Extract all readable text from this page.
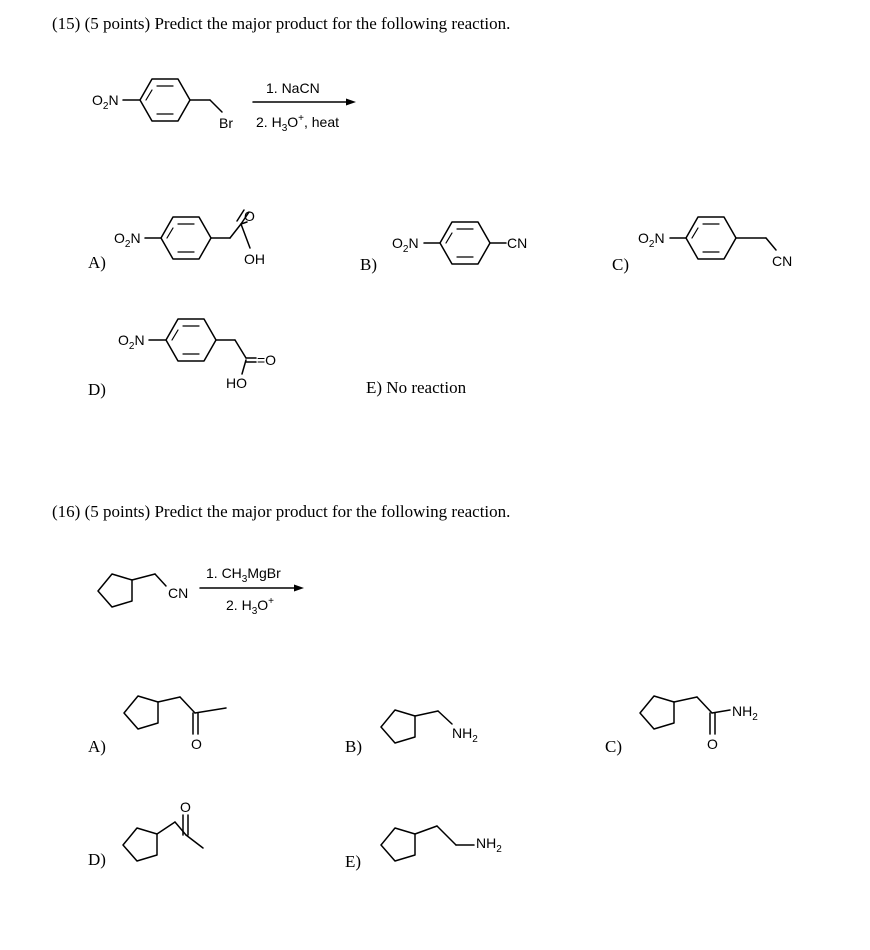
(15) (5 points) Predict the major product for the following reaction.
(16) (5 points) Predict the major product for the following reaction.
A)	B)	C)
D)	E) No reaction
A)	B)	C)
D)	E)
$O_2N$
Br
1. NaCN
2. $H_3O^+$, heat
$O_2N$
O
OH
$O_2N$	CN	$O_2N$
CN
$O_2N$
=O
HO
CN
1. $CH_3MgBr$
2. $H_3O^+$
O
$NH_2$	O
$NH_2$
O
$NH_2$
